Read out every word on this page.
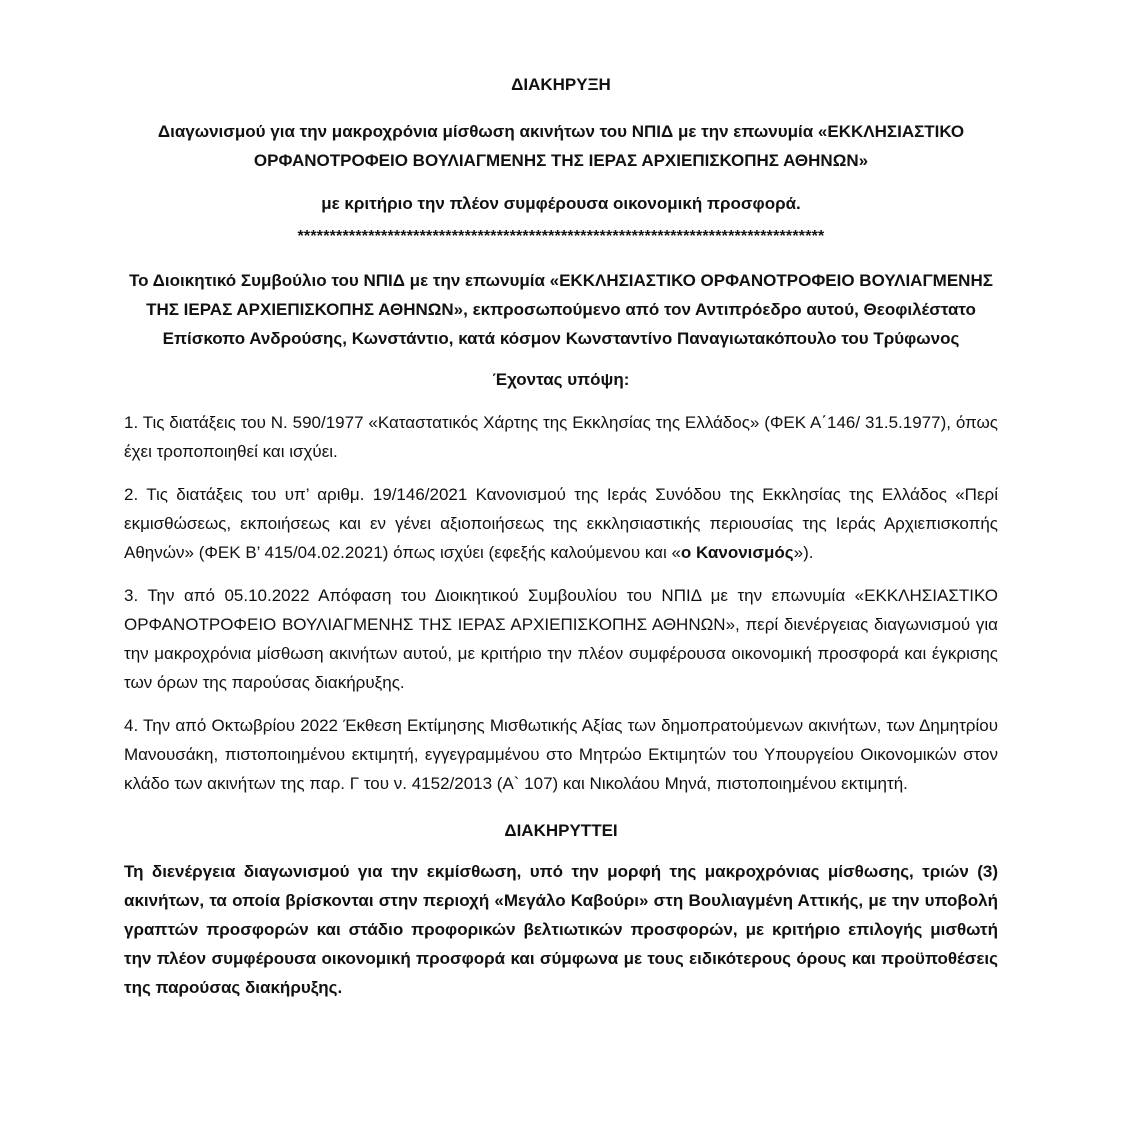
ΔΙΑΚΗΡΥΞΗ

Διαγωνισμού για την μακροχρόνια μίσθωση ακινήτων του ΝΠΙΔ με την επωνυμία «ΕΚΚΛΗΣΙΑΣΤΙΚΟ ΟΡΦΑΝΟΤΡΟΦΕΙΟ ΒΟΥΛΙΑΓΜΕΝΗΣ ΤΗΣ ΙΕΡΑΣ ΑΡΧΙΕΠΙΣΚΟΠΗΣ ΑΘΗΝΩΝ»

με κριτήριο την πλέον συμφέρουσα οικονομική προσφορά.

**********************************************************************************

Το Διοικητικό Συμβούλιο του ΝΠΙΔ με την επωνυμία «ΕΚΚΛΗΣΙΑΣΤΙΚΟ ΟΡΦΑΝΟΤΡΟΦΕΙΟ ΒΟΥΛΙΑΓΜΕΝΗΣ ΤΗΣ ΙΕΡΑΣ ΑΡΧΙΕΠΙΣΚΟΠΗΣ ΑΘΗΝΩΝ», εκπροσωπούμενο από τον Αντιπρόεδρο αυτού, Θεοφιλέστατο Επίσκοπο Ανδρούσης, Κωνστάντιο, κατά κόσμον Κωνσταντίνο Παναγιωτακόπουλο του Τρύφωνος

Έχοντας υπόψη:

1. Τις διατάξεις του Ν. 590/1977 «Καταστατικός Χάρτης της Εκκλησίας της Ελλάδος» (ΦΕΚ Α΄146/ 31.5.1977), όπως έχει τροποποιηθεί και ισχύει.

2. Τις διατάξεις του υπ’ αριθμ. 19/146/2021 Κανονισμού της Ιεράς Συνόδου της Εκκλησίας της Ελλάδος «Περί εκμισθώσεως, εκποιήσεως και εν γένει αξιοποιήσεως της εκκλησιαστικής περιουσίας της Ιεράς Αρχιεπισκοπής Αθηνών» (ΦΕΚ Β’ 415/04.02.2021) όπως ισχύει (εφεξής καλούμενου και «ο Κανονισμός»).

3. Την από 05.10.2022 Απόφαση του Διοικητικού Συμβουλίου του ΝΠΙΔ με την επωνυμία «ΕΚΚΛΗΣΙΑΣΤΙΚΟ ΟΡΦΑΝΟΤΡΟΦΕΙΟ ΒΟΥΛΙΑΓΜΕΝΗΣ ΤΗΣ ΙΕΡΑΣ ΑΡΧΙΕΠΙΣΚΟΠΗΣ ΑΘΗΝΩΝ», περί διενέργειας διαγωνισμού για την μακροχρόνια μίσθωση ακινήτων αυτού, με κριτήριο την πλέον συμφέρουσα οικονομική προσφορά και έγκρισης των όρων της παρούσας διακήρυξης.

4. Την από Οκτωβρίου 2022 Έκθεση Εκτίμησης Μισθωτικής Αξίας των δημοπρατούμενων ακινήτων, των Δημητρίου Μανουσάκη, πιστοποιημένου εκτιμητή, εγγεγραμμένου στο Μητρώο Εκτιμητών του Υπουργείου Οικονομικών στον κλάδο των ακινήτων της παρ. Γ του ν. 4152/2013 (Α` 107) και Νικολάου Μηνά, πιστοποιημένου εκτιμητή.

ΔΙΑΚΗΡΥΤΤΕΙ

Τη διενέργεια διαγωνισμού για την εκμίσθωση, υπό την μορφή της μακροχρόνιας μίσθωσης, τριών (3) ακινήτων, τα οποία βρίσκονται στην περιοχή «Μεγάλο Καβούρι» στη Βουλιαγμένη Αττικής, με την υποβολή γραπτών προσφορών και στάδιο προφορικών βελτιωτικών προσφορών, με κριτήριο επιλογής μισθωτή την πλέον συμφέρουσα οικονομική προσφορά και σύμφωνα με τους ειδικότερους όρους και προϋποθέσεις της παρούσας διακήρυξης.
